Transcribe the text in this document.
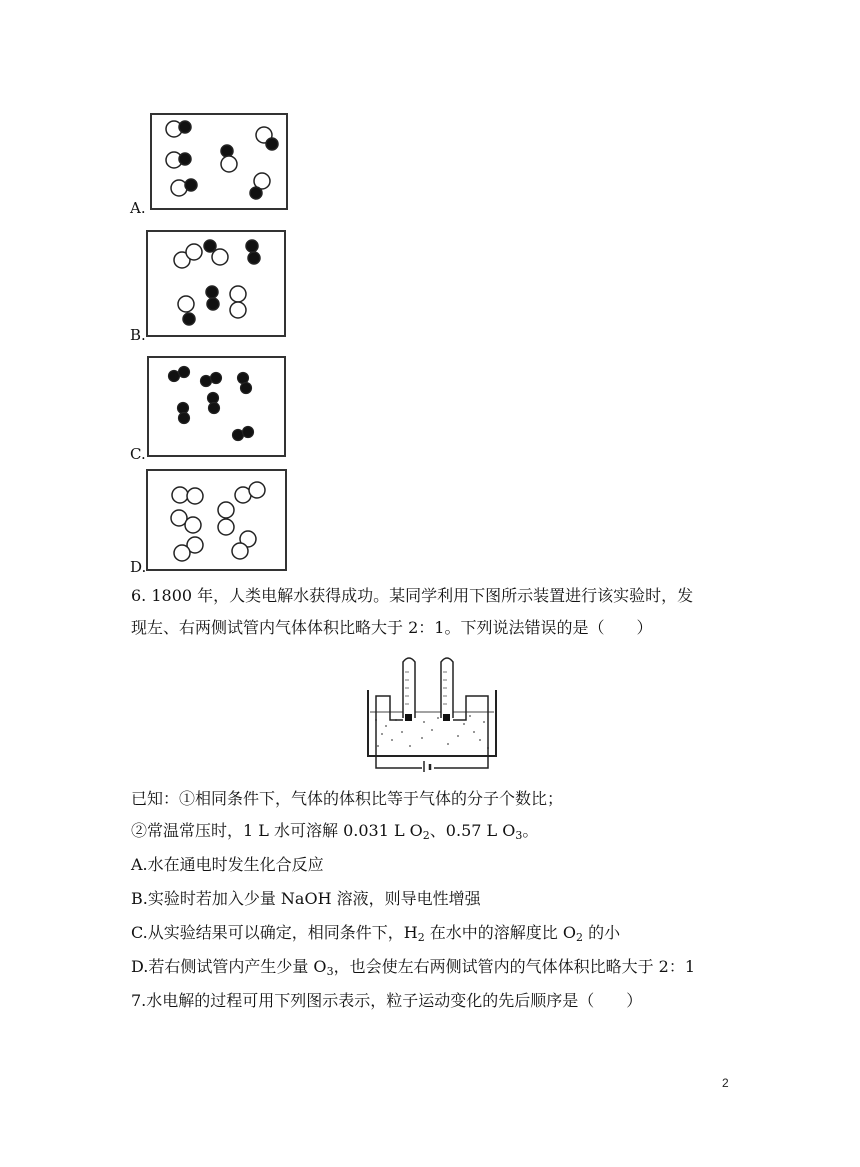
A.
B.
C.
D.
6. 1800 年，人类电解水获得成功。某同学利用下图所示装置进行该实验时，发
现左、右两侧试管内气体体积比略大于 2：1。下列说法错误的是（　　）
已知：①相同条件下，气体的体积比等于气体的分子个数比；
②常温常压时，1 L 水可溶解 0.031 L $O_2$、0.57 L $O_3$。
A.水在通电时发生化合反应
B.实验时若加入少量 NaOH 溶液，则导电性增强
C.从实验结果可以确定，相同条件下，$H_2$ 在水中的溶解度比 $O_2$ 的小
D.若右侧试管内产生少量 $O_3$，也会使左右两侧试管内的气体体积比略大于 2：1
7.水电解的过程可用下列图示表示，粒子运动变化的先后顺序是（　　）
2
